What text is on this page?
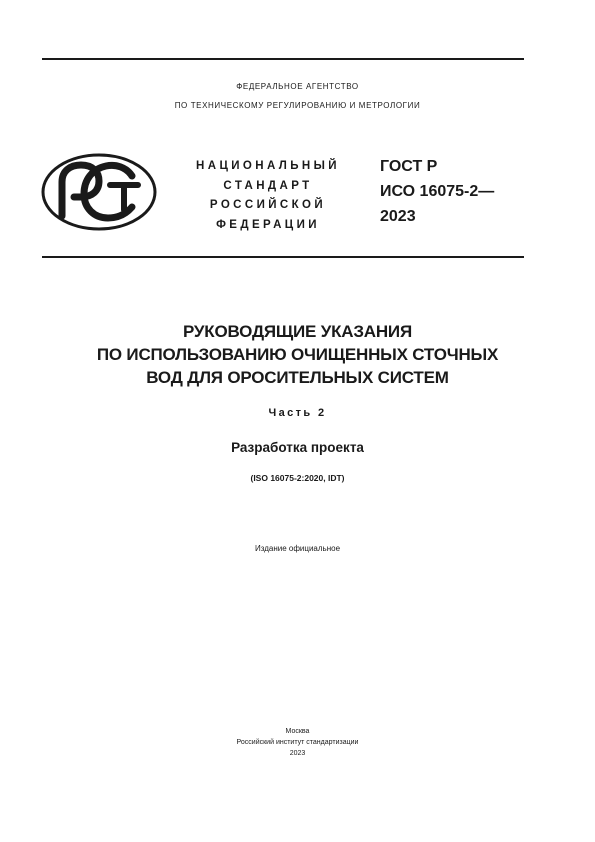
ФЕДЕРАЛЬНОЕ АГЕНТСТВО
ПО ТЕХНИЧЕСКОМУ РЕГУЛИРОВАНИЮ И МЕТРОЛОГИИ
НАЦИОНАЛЬНЫЙ
СТАНДАРТ
РОССИЙСКОЙ
ФЕДЕРАЦИИ
ГОСТ Р
ИСО 16075-2—
2023
РУКОВОДЯЩИЕ УКАЗАНИЯ
ПО ИСПОЛЬЗОВАНИЮ ОЧИЩЕННЫХ СТОЧНЫХ
ВОД ДЛЯ ОРОСИТЕЛЬНЫХ СИСТЕМ
Часть 2
Разработка проекта
(ISO 16075-2:2020, IDT)
Издание официальное
Москва
Российский институт стандартизации
2023
